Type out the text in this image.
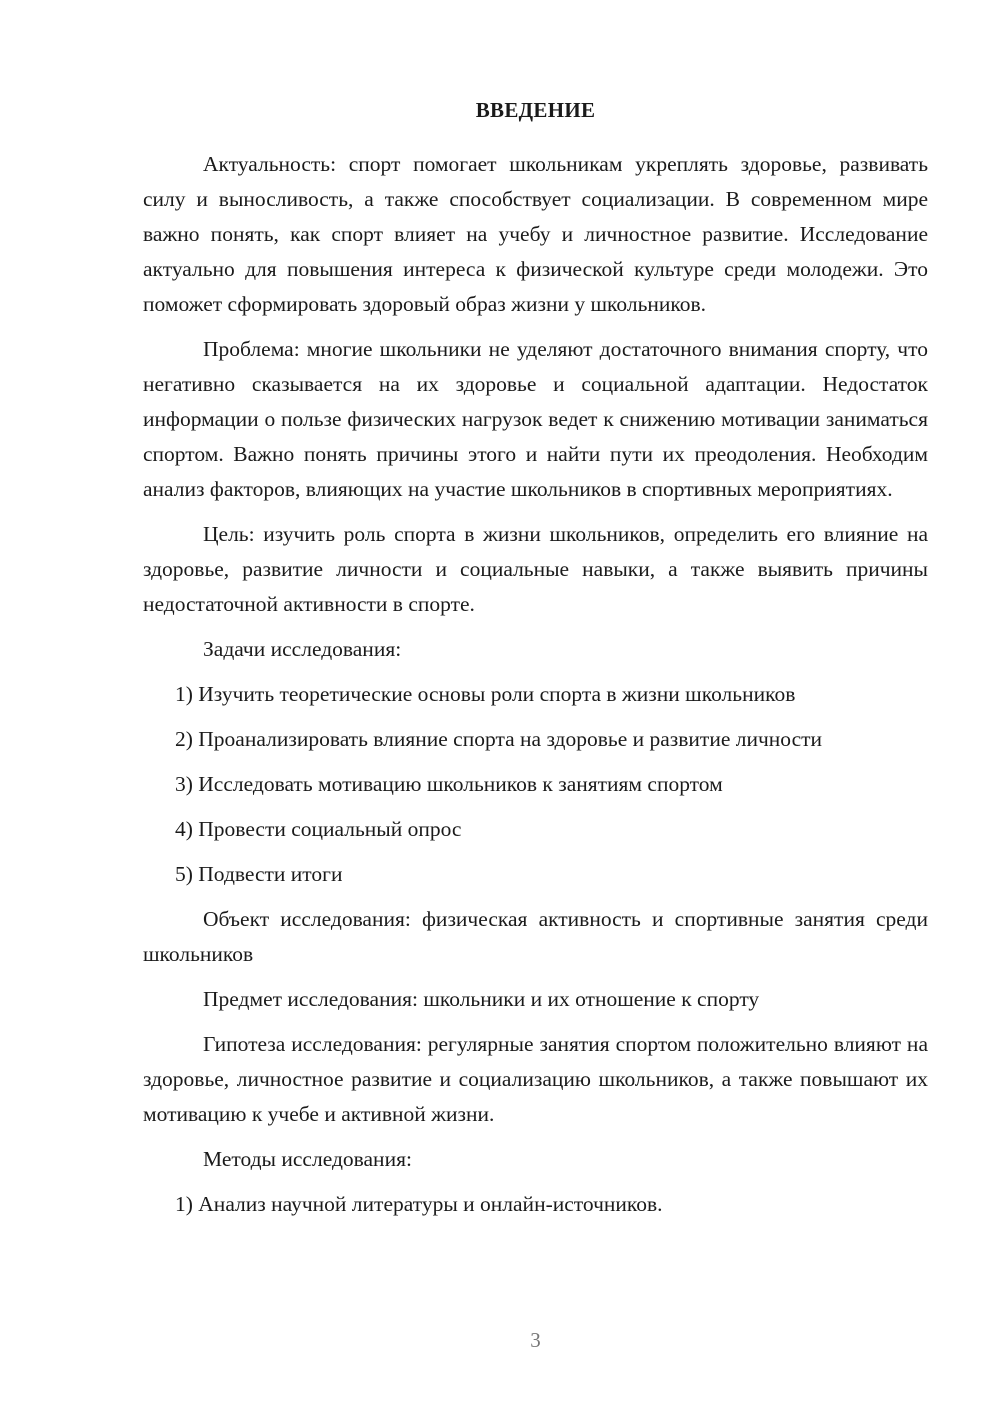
ВВЕДЕНИЕ

Актуальность: спорт помогает школьникам укреплять здоровье, развивать силу и выносливость, а также способствует социализации. В современном мире важно понять, как спорт влияет на учебу и личностное развитие. Исследование актуально для повышения интереса к физической культуре среди молодежи. Это поможет сформировать здоровый образ жизни у школьников.

Проблема: многие школьники не уделяют достаточного внимания спорту, что негативно сказывается на их здоровье и социальной адаптации. Недостаток информации о пользе физических нагрузок ведет к снижению мотивации заниматься спортом. Важно понять причины этого и найти пути их преодоления. Необходим анализ факторов, влияющих на участие школьников в спортивных мероприятиях.

Цель: изучить роль спорта в жизни школьников, определить его влияние на здоровье, развитие личности и социальные навыки, а также выявить причины недостаточной активности в спорте.

Задачи исследования:

1) Изучить теоретические основы роли спорта в жизни школьников
2) Проанализировать влияние спорта на здоровье и развитие личности
3) Исследовать мотивацию школьников к занятиям спортом
4) Провести социальный опрос
5) Подвести итоги

Объект исследования: физическая активность и спортивные занятия среди школьников

Предмет исследования: школьники и их отношение к спорту

Гипотеза исследования: регулярные занятия спортом положительно влияют на здоровье, личностное развитие и социализацию школьников, а также повышают их мотивацию к учебе и активной жизни.

Методы исследования:

1) Анализ научной литературы и онлайн-источников.
3
